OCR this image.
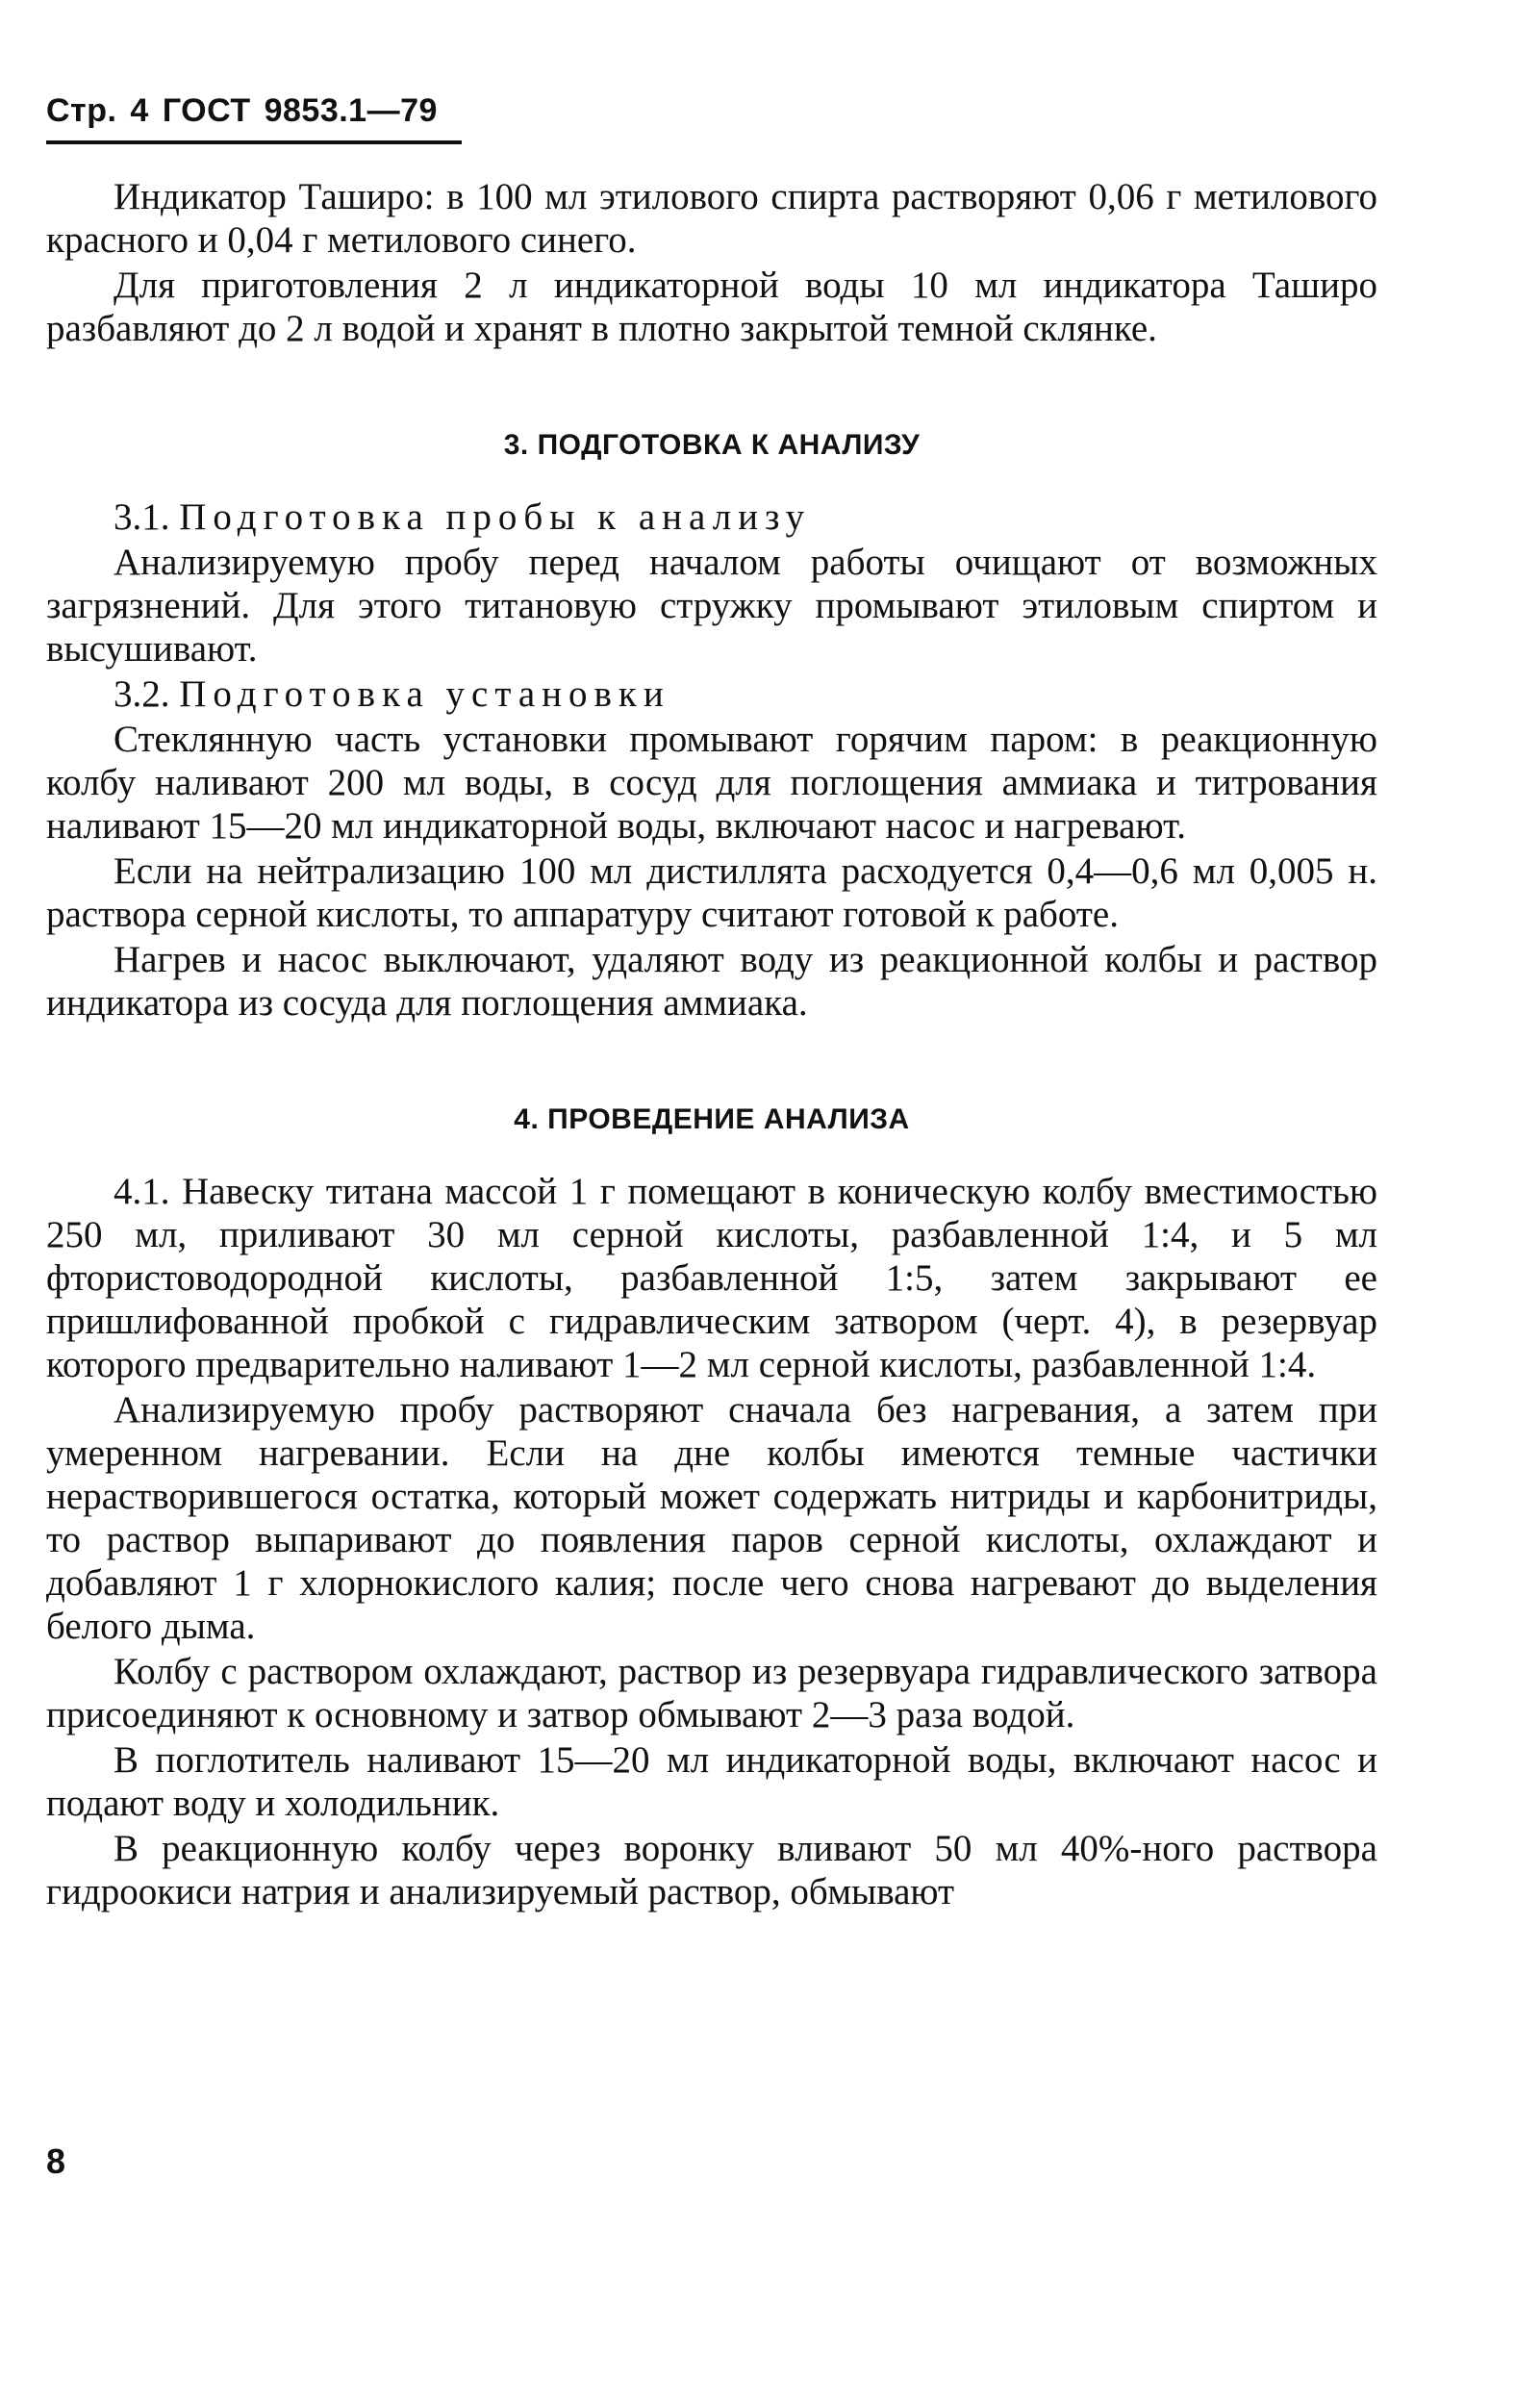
Стр. 4 ГОСТ 9853.1—79

Индикатор Таширо: в 100 мл этилового спирта растворяют 0,06 г метилового красного и 0,04 г метилового синего.

Для приготовления 2 л индикаторной воды 10 мл индикатора Таширо разбавляют до 2 л водой и хранят в плотно закрытой темной склянке.

3. ПОДГОТОВКА К АНАЛИЗУ

3.1. Подготовка пробы к анализу

Анализируемую пробу перед началом работы очищают от возможных загрязнений. Для этого титановую стружку промывают этиловым спиртом и высушивают.

3.2. Подготовка установки

Стеклянную часть установки промывают горячим паром: в реакционную колбу наливают 200 мл воды, в сосуд для поглощения аммиака и титрования наливают 15—20 мл индикаторной воды, включают насос и нагревают.

Если на нейтрализацию 100 мл дистиллята расходуется 0,4—0,6 мл 0,005 н. раствора серной кислоты, то аппаратуру считают готовой к работе.

Нагрев и насос выключают, удаляют воду из реакционной колбы и раствор индикатора из сосуда для поглощения аммиака.

4. ПРОВЕДЕНИЕ АНАЛИЗА

4.1. Навеску титана массой 1 г помещают в коническую колбу вместимостью 250 мл, приливают 30 мл серной кислоты, разбавленной 1:4, и 5 мл фтористоводородной кислоты, разбавленной 1:5, затем закрывают ее пришлифованной пробкой с гидравлическим затвором (черт. 4), в резервуар которого предварительно наливают 1—2 мл серной кислоты, разбавленной 1:4.

Анализируемую пробу растворяют сначала без нагревания, а затем при умеренном нагревании. Если на дне колбы имеются темные частички нерастворившегося остатка, который может содержать нитриды и карбонитриды, то раствор выпаривают до появления паров серной кислоты, охлаждают и добавляют 1 г хлорнокислого калия; после чего снова нагревают до выделения белого дыма.

Колбу с раствором охлаждают, раствор из резервуара гидравлического затвора присоединяют к основному и затвор обмывают 2—3 раза водой.

В поглотитель наливают 15—20 мл индикаторной воды, включают насос и подают воду и холодильник.

В реакционную колбу через воронку вливают 50 мл 40%-ного раствора гидроокиси натрия и анализируемый раствор, обмывают

8
